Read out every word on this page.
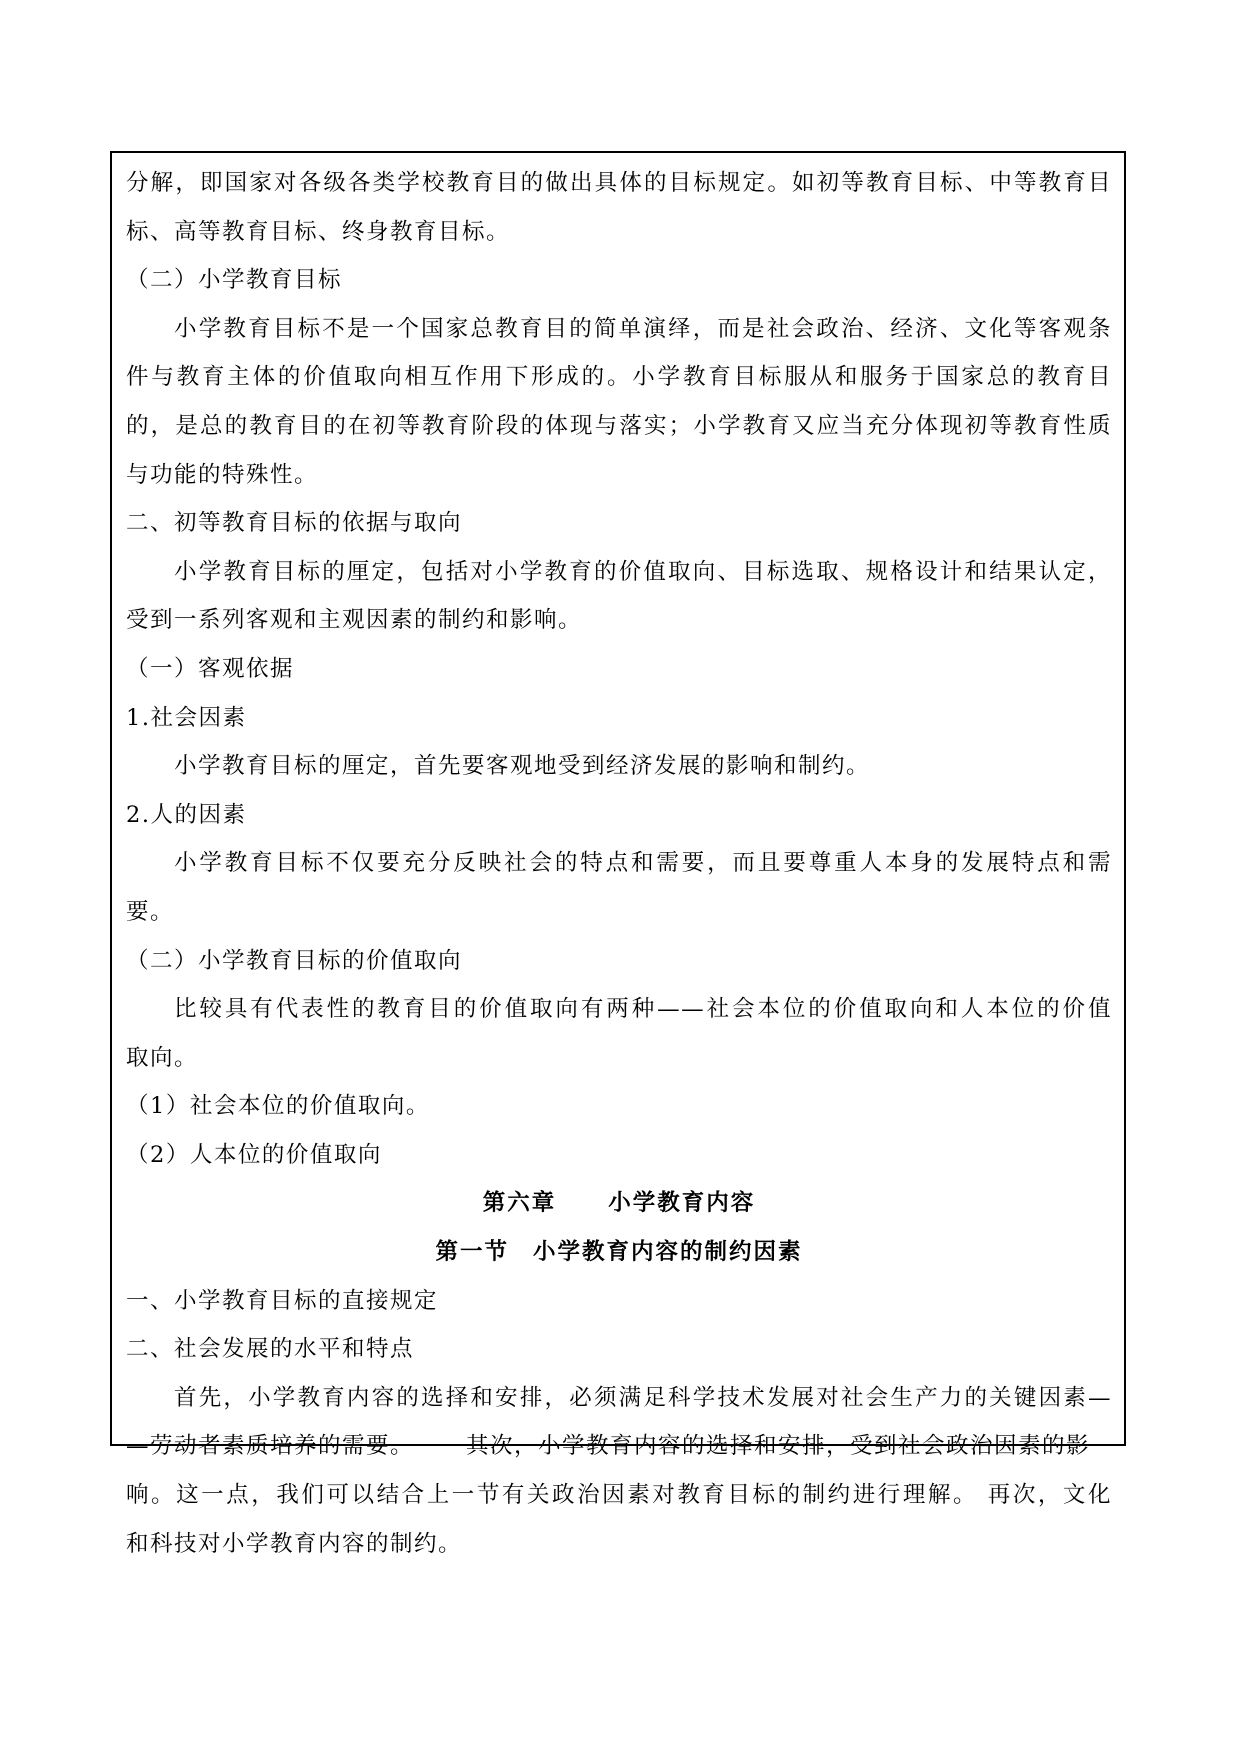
分解，即国家对各级各类学校教育目的做出具体的目标规定。如初等教育目标、中等教育目
标、高等教育目标、终身教育目标。
（二）小学教育目标
小学教育目标不是一个国家总教育目的简单演绎，而是社会政治、经济、文化等客观条
件与教育主体的价值取向相互作用下形成的。小学教育目标服从和服务于国家总的教育目
的，是总的教育目的在初等教育阶段的体现与落实；小学教育又应当充分体现初等教育性质
与功能的特殊性。
二、初等教育目标的依据与取向
小学教育目标的厘定，包括对小学教育的价值取向、目标选取、规格设计和结果认定，
受到一系列客观和主观因素的制约和影响。
（一）客观依据
1.社会因素
小学教育目标的厘定，首先要客观地受到经济发展的影响和制约。
2.人的因素
小学教育目标不仅要充分反映社会的特点和需要，而且要尊重人本身的发展特点和需
要。
（二）小学教育目标的价值取向
比较具有代表性的教育目的价值取向有两种——社会本位的价值取向和人本位的价值
取向。
（1）社会本位的价值取向。
（2）人本位的价值取向
第六章 小学教育内容
第一节 小学教育内容的制约因素
一、小学教育目标的直接规定
二、社会发展的水平和特点
首先，小学教育内容的选择和安排，必须满足科学技术发展对社会生产力的关键因素—
—劳动者素质培养的需要。 其次，小学教育内容的选择和安排，受到社会政治因素的影
响。这一点，我们可以结合上一节有关政治因素对教育目标的制约进行理解。 再次，文化
和科技对小学教育内容的制约。
